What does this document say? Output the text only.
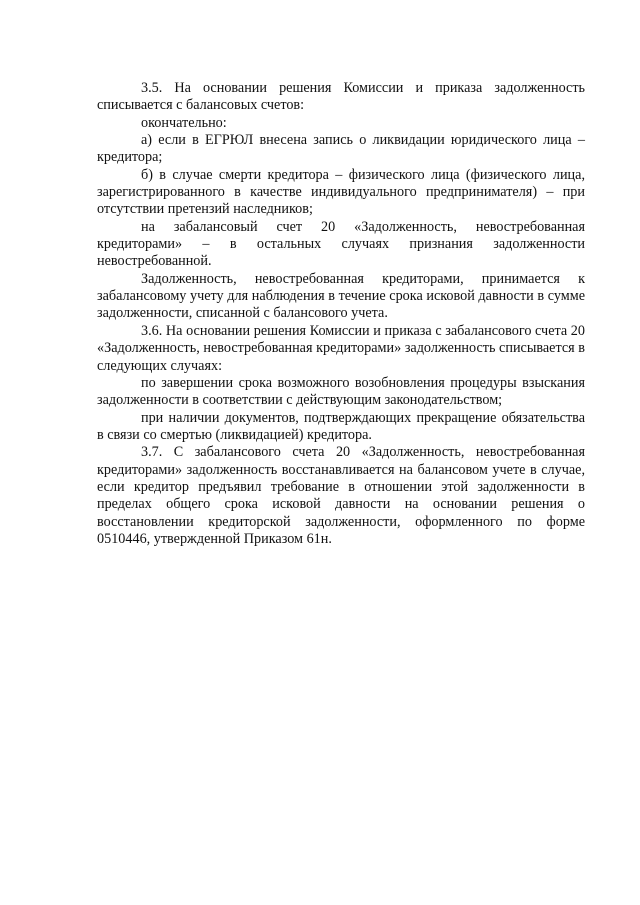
3.5. На основании решения Комиссии и приказа задолженность списывается с балансовых счетов:

окончательно:

а) если в ЕГРЮЛ внесена запись о ликвидации юридического лица – кредитора;

б) в случае смерти кредитора – физического лица (физического лица, зарегистрированного в качестве индивидуального предпринимателя) – при отсутствии претензий наследников;

на забалансовый счет 20 «Задолженность, невостребованная кредиторами» – в остальных случаях признания задолженности невостребованной.

Задолженность, невостребованная кредиторами, принимается к забалансовому учету для наблюдения в течение срока исковой давности в сумме задолженности, списанной с балансового учета.

3.6. На основании решения Комиссии и приказа с забалансового счета 20 «Задолженность, невостребованная кредиторами» задолженность списывается в следующих случаях:

по завершении срока возможного возобновления процедуры взыскания задолженности в соответствии с действующим законодательством;

при наличии документов, подтверждающих прекращение обязательства в связи со смертью (ликвидацией) кредитора.

3.7. С забалансового счета 20 «Задолженность, невостребованная кредиторами» задолженность восстанавливается на балансовом учете в случае, если кредитор предъявил требование в отношении этой задолженности в пределах общего срока исковой давности на основании решения о восстановлении кредиторской задолженности, оформленного по форме 0510446, утвержденной Приказом 61н.
